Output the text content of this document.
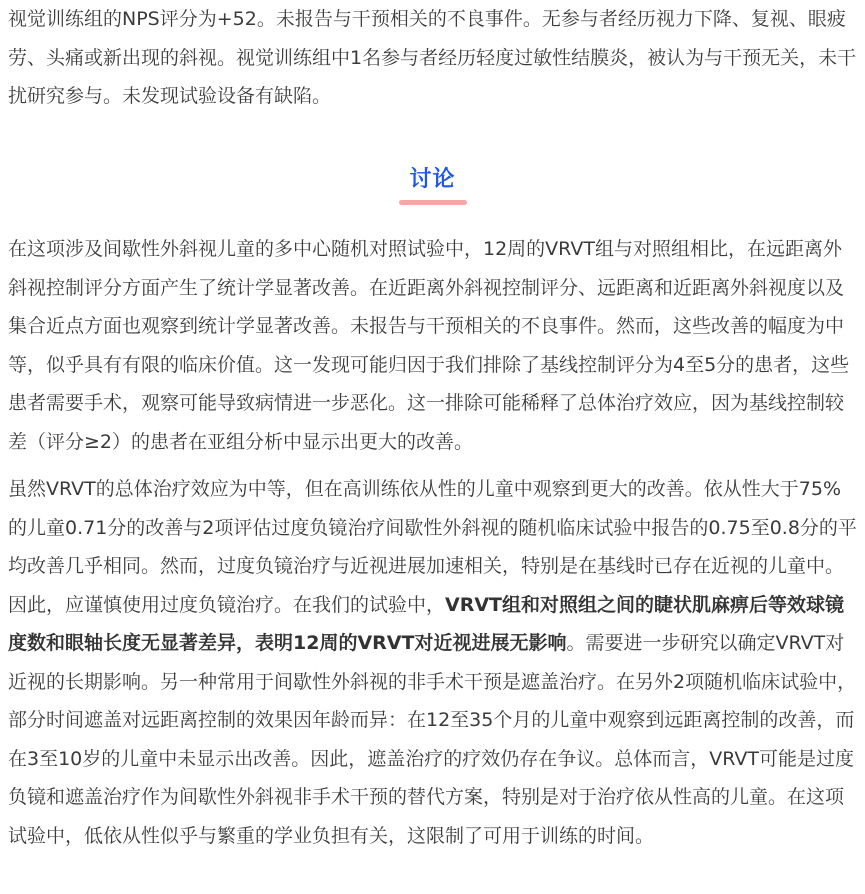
视觉训练组的NPS评分为+52。未报告与干预相关的不良事件。无参与者经历视力下降、复视、眼疲劳、头痛或新出现的斜视。视觉训练组中1名参与者经历轻度过敏性结膜炎，被认为与干预无关，未干扰研究参与。未发现试验设备有缺陷。

讨论

在这项涉及间歇性外斜视儿童的多中心随机对照试验中，12周的VRVT组与对照组相比，在远距离外斜视控制评分方面产生了统计学显著改善。在近距离外斜视控制评分、远距离和近距离外斜视度以及集合近点方面也观察到统计学显著改善。未报告与干预相关的不良事件。然而，这些改善的幅度为中等，似乎具有有限的临床价值。这一发现可能归因于我们排除了基线控制评分为4至5分的患者，这些患者需要手术，观察可能导致病情进一步恶化。这一排除可能稀释了总体治疗效应，因为基线控制较差（评分≥2）的患者在亚组分析中显示出更大的改善。

虽然VRVT的总体治疗效应为中等，但在高训练依从性的儿童中观察到更大的改善。依从性大于75%的儿童0.71分的改善与2项评估过度负镜治疗间歇性外斜视的随机临床试验中报告的0.75至0.8分的平均改善几乎相同。然而，过度负镜治疗与近视进展加速相关，特别是在基线时已存在近视的儿童中。因此，应谨慎使用过度负镜治疗。在我们的试验中，VRVT组和对照组之间的睫状肌麻痹后等效球镜度数和眼轴长度无显著差异，表明12周的VRVT对近视进展无影响。需要进一步研究以确定VRVT对近视的长期影响。另一种常用于间歇性外斜视的非手术干预是遮盖治疗。在另外2项随机临床试验中，部分时间遮盖对远距离控制的效果因年龄而异：在12至35个月的儿童中观察到远距离控制的改善，而在3至10岁的儿童中未显示出改善。因此，遮盖治疗的疗效仍存在争议。总体而言，VRVT可能是过度负镜和遮盖治疗作为间歇性外斜视非手术干预的替代方案，特别是对于治疗依从性高的儿童。在这项试验中，低依从性似乎与繁重的学业负担有关，这限制了可用于训练的时间。
